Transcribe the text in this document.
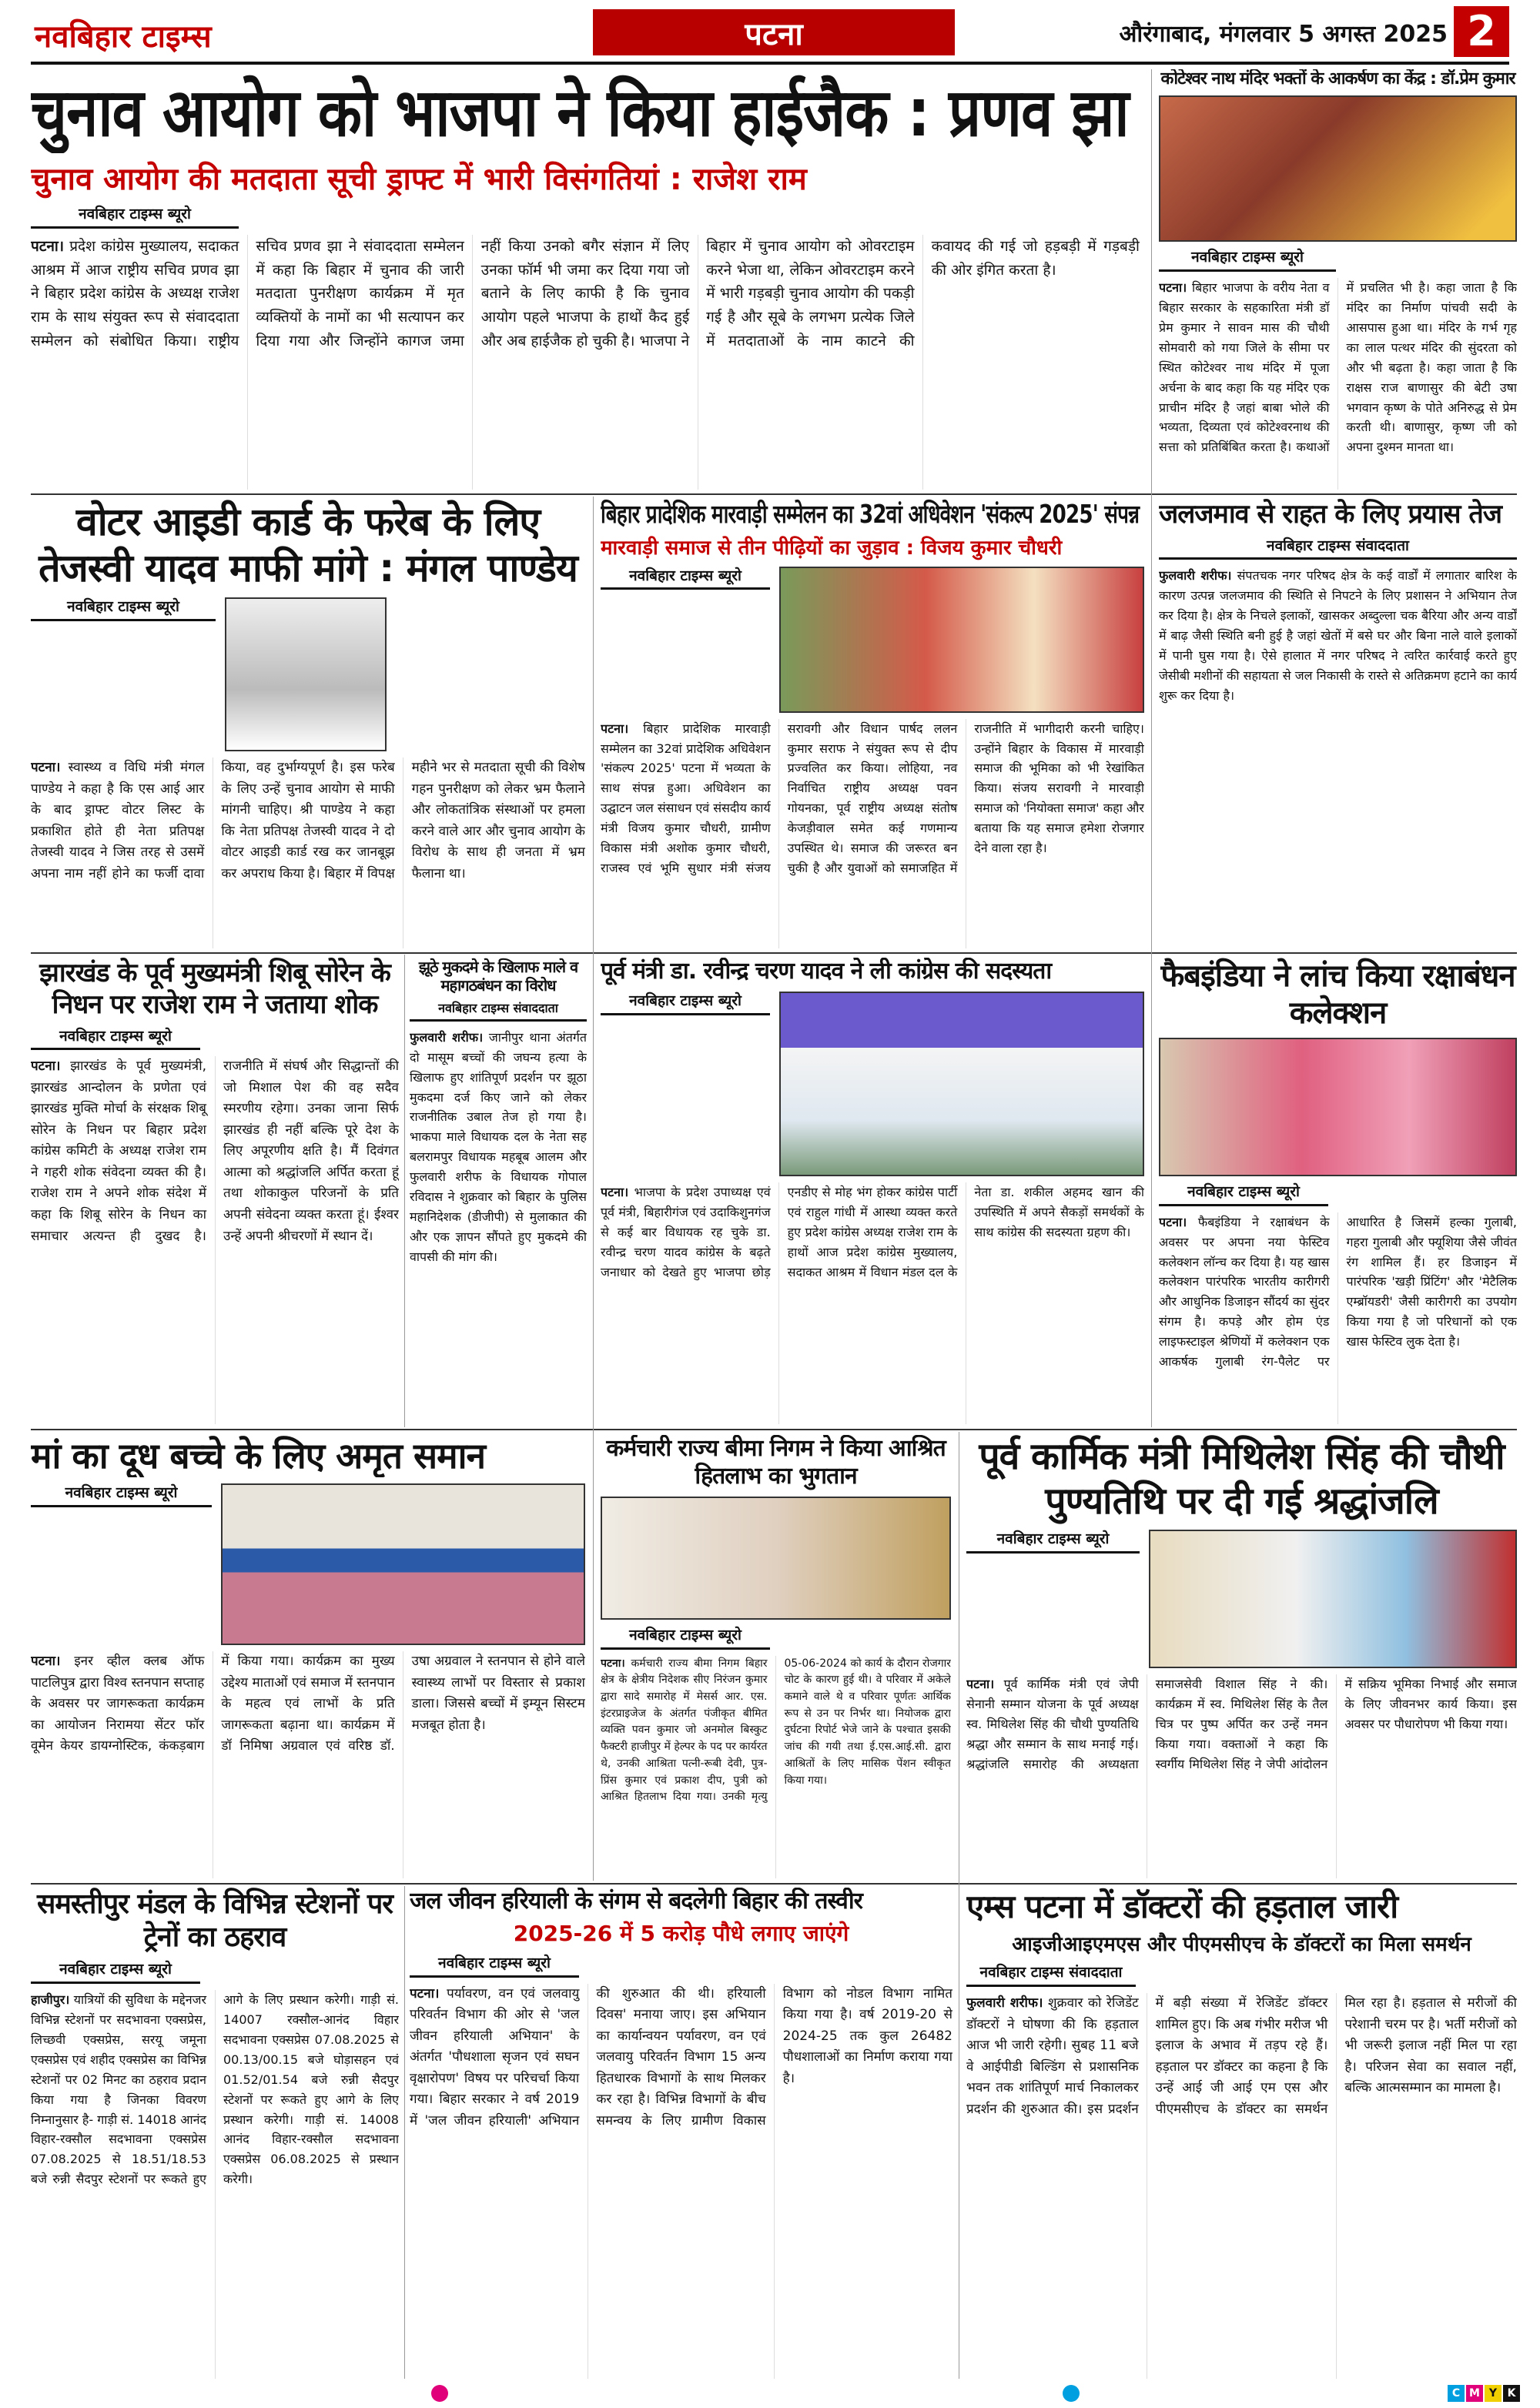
नवबिहार टाइम्स	पटना	औरंगाबाद, मंगलवार 5 अगस्त 2025 2
चुनाव आयोग को भाजपा ने किया हाईजैक : प्रणव झा
चुनाव आयोग की मतदाता सूची ड्राफ्ट में भारी विसंगतियां : राजेश राम
नवबिहार टाइम्स ब्यूरो
पटना। प्रदेश कांग्रेस मुख्यालय, सदाकत आश्रम में आज राष्ट्रीय सचिव प्रणव झा ने बिहार प्रदेश कांग्रेस के अध्यक्ष राजेश राम के साथ संयुक्त रूप से संवाददाता सम्मेलन को संबोधित किया। राष्ट्रीय सचिव प्रणव झा ने संवाददाता सम्मेलन में कहा कि बिहार में चुनाव की जारी मतदाता पुनरीक्षण कार्यक्रम में मृत व्यक्तियों के नामों का भी सत्यापन कर दिया गया और जिन्होंने कागज जमा नहीं किया उनको बगैर संज्ञान में लिए उनका फॉर्म भी जमा कर दिया गया जो बताने के लिए काफी है कि चुनाव आयोग पहले भाजपा के हाथों कैद हुई और अब हाईजैक हो चुकी है। भाजपा ने बिहार में चुनाव आयोग को ओवरटाइम करने भेजा था, लेकिन ओवरटाइम करने में भारी गड़बड़ी चुनाव आयोग की पकड़ी गई है और सूबे के लगभग प्रत्येक जिले में मतदाताओं के नाम काटने की कवायद की गई जो हड़बड़ी में गड़बड़ी की ओर इंगित करता है।
कोटेश्वर नाथ मंदिर भक्तों के आकर्षण का केंद्र : डॉ.प्रेम कुमार
नवबिहार टाइम्स ब्यूरो
पटना। बिहार भाजपा के वरीय नेता व बिहार सरकार के सहकारिता मंत्री डॉ प्रेम कुमार ने सावन मास की चौथी सोमवारी को गया जिले के सीमा पर स्थित कोटेश्वर नाथ मंदिर में पूजा अर्चना के बाद कहा कि यह मंदिर एक प्राचीन मंदिर है जहां बाबा भोले की भव्यता, दिव्यता एवं कोटेश्वरनाथ की सत्ता को प्रतिबिंबित करता है। कथाओं में प्रचलित भी है। कहा जाता है कि मंदिर का निर्माण पांचवी सदी के आसपास हुआ था। मंदिर के गर्भ गृह का लाल पत्थर मंदिर की सुंदरता को और भी बढ़ता है। कहा जाता है कि राक्षस राज बाणासुर की बेटी उषा भगवान कृष्ण के पोते अनिरुद्ध से प्रेम करती थी। बाणासुर, कृष्ण जी को अपना दुश्मन मानता था।
वोटर आइडी कार्ड के फरेब के लिए तेजस्वी यादव माफी मांगे : मंगल पाण्डेय
नवबिहार टाइम्स ब्यूरो
पटना। स्वास्थ्य व विधि मंत्री मंगल पाण्डेय ने कहा है कि एस आई आर के बाद ड्राफ्ट वोटर लिस्ट के प्रकाशित होते ही नेता प्रतिपक्ष तेजस्वी यादव ने जिस तरह से उसमें अपना नाम नहीं होने का फर्जी दावा किया, वह दुर्भाग्यपूर्ण है। इस फरेब के लिए उन्हें चुनाव आयोग से माफी मांगनी चाहिए। श्री पाण्डेय ने कहा कि नेता प्रतिपक्ष तेजस्वी यादव ने दो वोटर आइडी कार्ड रख कर जानबूझ कर अपराध किया है। बिहार में विपक्ष महीने भर से मतदाता सूची की विशेष गहन पुनरीक्षण को लेकर भ्रम फैलाने और लोकतांत्रिक संस्थाओं पर हमला करने वाले आर और चुनाव आयोग के विरोध के साथ ही जनता में भ्रम फैलाना था।
बिहार प्रादेशिक मारवाड़ी सम्मेलन का 32वां अधिवेशन 'संकल्प 2025' संपन्न
मारवाड़ी समाज से तीन पीढ़ियों का जुड़ाव : विजय कुमार चौधरी
नवबिहार टाइम्स ब्यूरो
पटना। बिहार प्रादेशिक मारवाड़ी सम्मेलन का 32वां प्रादेशिक अधिवेशन 'संकल्प 2025' पटना में भव्यता के साथ संपन्न हुआ। अधिवेशन का उद्घाटन जल संसाधन एवं संसदीय कार्य मंत्री विजय कुमार चौधरी, ग्रामीण विकास मंत्री अशोक कुमार चौधरी, राजस्व एवं भूमि सुधार मंत्री संजय सरावगी और विधान पार्षद ललन कुमार सराफ ने संयुक्त रूप से दीप प्रज्वलित कर किया। लोहिया, नव निर्वाचित राष्ट्रीय अध्यक्ष पवन गोयनका, पूर्व राष्ट्रीय अध्यक्ष संतोष केजड़ीवाल समेत कई गणमान्य उपस्थित थे। समाज की जरूरत बन चुकी है और युवाओं को समाजहित में राजनीति में भागीदारी करनी चाहिए। उन्होंने बिहार के विकास में मारवाड़ी समाज की भूमिका को भी रेखांकित किया। संजय सरावगी ने मारवाड़ी समाज को 'नियोक्ता समाज' कहा और बताया कि यह समाज हमेशा रोजगार देने वाला रहा है।
जलजमाव से राहत के लिए प्रयास तेज
नवबिहार टाइम्स संवाददाता
फुलवारी शरीफ। संपतचक नगर परिषद क्षेत्र के कई वार्डों में लगातार बारिश के कारण उत्पन्न जलजमाव की स्थिति से निपटने के लिए प्रशासन ने अभियान तेज कर दिया है। क्षेत्र के निचले इलाकों, खासकर अब्दुल्ला चक बैरिया और अन्य वार्डों में बाढ़ जैसी स्थिति बनी हुई है जहां खेतों में बसे घर और बिना नाले वाले इलाकों में पानी घुस गया है। ऐसे हालात में नगर परिषद ने त्वरित कार्रवाई करते हुए जेसीबी मशीनों की सहायता से जल निकासी के रास्ते से अतिक्रमण हटाने का कार्य शुरू कर दिया है।
झारखंड के पूर्व मुख्यमंत्री शिबू सोरेन के निधन पर राजेश राम ने जताया शोक
नवबिहार टाइम्स ब्यूरो
पटना। झारखंड के पूर्व मुख्यमंत्री, झारखंड आन्दोलन के प्रणेता एवं झारखंड मुक्ति मोर्चा के संरक्षक शिबू सोरेन के निधन पर बिहार प्रदेश कांग्रेस कमिटी के अध्यक्ष राजेश राम ने गहरी शोक संवेदना व्यक्त की है। राजेश राम ने अपने शोक संदेश में कहा कि शिबू सोरेन के निधन का समाचार अत्यन्त ही दुखद है। राजनीति में संघर्ष और सिद्धान्तों की जो मिशाल पेश की वह सदैव स्मरणीय रहेगा। उनका जाना सिर्फ झारखंड ही नहीं बल्कि पूरे देश के लिए अपूरणीय क्षति है। मैं दिवंगत आत्मा को श्रद्धांजलि अर्पित करता हूं तथा शोकाकुल परिजनों के प्रति अपनी संवेदना व्यक्त करता हूं। ईश्वर उन्हें अपनी श्रीचरणों में स्थान दें।
झूठे मुकदमे के खिलाफ माले व महागठबंधन का विरोध
नवबिहार टाइम्स संवाददाता
फुलवारी शरीफ। जानीपुर थाना अंतर्गत दो मासूम बच्चों की जघन्य हत्या के खिलाफ हुए शांतिपूर्ण प्रदर्शन पर झूठा मुकदमा दर्ज किए जाने को लेकर राजनीतिक उबाल तेज हो गया है। भाकपा माले विधायक दल के नेता सह बलरामपुर विधायक महबूब आलम और फुलवारी शरीफ के विधायक गोपाल रविदास ने शुक्रवार को बिहार के पुलिस महानिदेशक (डीजीपी) से मुलाकात की और एक ज्ञापन सौंपते हुए मुकदमे की वापसी की मांग की।
पूर्व मंत्री डा. रवीन्द्र चरण यादव ने ली कांग्रेस की सदस्यता
नवबिहार टाइम्स ब्यूरो
पटना। भाजपा के प्रदेश उपाध्यक्ष एवं पूर्व मंत्री, बिहारीगंज एवं उदाकिशुनगंज से कई बार विधायक रह चुके डा. रवीन्द्र चरण यादव कांग्रेस के बढ़ते जनाधार को देखते हुए भाजपा छोड़ एनडीए से मोह भंग होकर कांग्रेस पार्टी एवं राहुल गांधी में आस्था व्यक्त करते हुए प्रदेश कांग्रेस अध्यक्ष राजेश राम के हाथों आज प्रदेश कांग्रेस मुख्यालय, सदाकत आश्रम में विधान मंडल दल के नेता डा. शकील अहमद खान की उपस्थिति में अपने सैकड़ों समर्थकों के साथ कांग्रेस की सदस्यता ग्रहण की।
फैबइंडिया ने लांच किया रक्षाबंधन कलेक्शन
नवबिहार टाइम्स ब्यूरो
पटना। फैबइंडिया ने रक्षाबंधन के अवसर पर अपना नया फेस्टिव कलेक्शन लॉन्च कर दिया है। यह खास कलेक्शन पारंपरिक भारतीय कारीगरी और आधुनिक डिजाइन सौंदर्य का सुंदर संगम है। कपड़े और होम एंड लाइफस्टाइल श्रेणियों में कलेक्शन एक आकर्षक गुलाबी रंग-पैलेट पर आधारित है जिसमें हल्का गुलाबी, गहरा गुलाबी और फ्यूशिया जैसे जीवंत रंग शामिल हैं। हर डिजाइन में पारंपरिक 'खड़ी प्रिंटिंग' और 'मेटैलिक एम्ब्रॉयडरी' जैसी कारीगरी का उपयोग किया गया है जो परिधानों को एक खास फेस्टिव लुक देता है।
मां का दूध बच्चे के लिए अमृत समान
नवबिहार टाइम्स ब्यूरो
पटना। इनर व्हील क्लब ऑफ पाटलिपुत्र द्वारा विश्व स्तनपान सप्ताह के अवसर पर जागरूकता कार्यक्रम का आयोजन निरामया सेंटर फॉर वूमेन केयर डायग्नोस्टिक, कंकड़बाग में किया गया। कार्यक्रम का मुख्य उद्देश्य माताओं एवं समाज में स्तनपान के महत्व एवं लाभों के प्रति जागरूकता बढ़ाना था। कार्यक्रम में डॉ निमिषा अग्रवाल एवं वरिष्ठ डॉ. उषा अग्रवाल ने स्तनपान से होने वाले स्वास्थ्य लाभों पर विस्तार से प्रकाश डाला। जिससे बच्चों में इम्यून सिस्टम मजबूत होता है।
कर्मचारी राज्य बीमा निगम ने किया आश्रित हितलाभ का भुगतान
नवबिहार टाइम्स ब्यूरो
पटना। कर्मचारी राज्य बीमा निगम बिहार क्षेत्र के क्षेत्रीय निदेशक सीए निरंजन कुमार द्वारा सादे समारोह में मेसर्स आर. एस. इंटरप्राइजेज के अंतर्गत पंजीकृत बीमित व्यक्ति पवन कुमार जो अनमोल बिस्कुट फैक्टरी हाजीपुर में हेल्पर के पद पर कार्यरत थे, उनकी आश्रिता पत्नी-रूबी देवी, पुत्र-प्रिंस कुमार एवं प्रकाश दीप, पुत्री को आश्रित हितलाभ दिया गया। उनकी मृत्यु 05-06-2024 को कार्य के दौरान रोजगार चोट के कारण हुई थी। वे परिवार में अकेले कमाने वाले थे व परिवार पूर्णतः आर्थिक रूप से उन पर निर्भर था। नियोजक द्वारा दुर्घटना रिपोर्ट भेजे जाने के पश्चात इसकी जांच की गयी तथा ई.एस.आई.सी. द्वारा आश्रितों के लिए मासिक पेंशन स्वीकृत किया गया।
पूर्व कार्मिक मंत्री मिथिलेश सिंह की चौथी पुण्यतिथि पर दी गई श्रद्धांजलि
नवबिहार टाइम्स ब्यूरो
पटना। पूर्व कार्मिक मंत्री एवं जेपी सेनानी सम्मान योजना के पूर्व अध्यक्ष स्व. मिथिलेश सिंह की चौथी पुण्यतिथि श्रद्धा और सम्मान के साथ मनाई गई। श्रद्धांजलि समारोह की अध्यक्षता समाजसेवी विशाल सिंह ने की। कार्यक्रम में स्व. मिथिलेश सिंह के तैल चित्र पर पुष्प अर्पित कर उन्हें नमन किया गया। वक्ताओं ने कहा कि स्वर्गीय मिथिलेश सिंह ने जेपी आंदोलन में सक्रिय भूमिका निभाई और समाज के लिए जीवनभर कार्य किया। इस अवसर पर पौधारोपण भी किया गया।
समस्तीपुर मंडल के विभिन्न स्टेशनों पर ट्रेनों का ठहराव
नवबिहार टाइम्स ब्यूरो
हाजीपुर। यात्रियों की सुविधा के मद्देनजर विभिन्न स्टेशनों पर सदभावना एक्सप्रेस, लिच्छवी एक्सप्रेस, सरयू जमूना एक्सप्रेस एवं शहीद एक्सप्रेस का विभिन्न स्टेशनों पर 02 मिनट का ठहराव प्रदान किया गया है जिनका विवरण निम्नानुसार है- गाड़ी सं. 14018 आनंद विहार-रक्सौल सदभावना एक्सप्रेस 07.08.2025 से 18.51/18.53 बजे रुन्नी सैदपुर स्टेशनों पर रूकते हुए आगे के लिए प्रस्थान करेगी। गाड़ी सं. 14007 रक्सौल-आनंद विहार सदभावना एक्सप्रेस 07.08.2025 से 00.13/00.15 बजे घोड़ासहन एवं 01.52/01.54 बजे रुन्नी सैदपुर स्टेशनों पर रूकते हुए आगे के लिए प्रस्थान करेगी। गाड़ी सं. 14008 आनंद विहार-रक्सौल सदभावना एक्सप्रेस 06.08.2025 से प्रस्थान करेगी।
जल जीवन हरियाली के संगम से बदलेगी बिहार की तस्वीर
2025-26 में 5 करोड़ पौधे लगाए जाएंगे
नवबिहार टाइम्स ब्यूरो
पटना। पर्यावरण, वन एवं जलवायु परिवर्तन विभाग की ओर से 'जल जीवन हरियाली अभियान' के अंतर्गत 'पौधशाला सृजन एवं सघन वृक्षारोपण' विषय पर परिचर्चा किया गया। बिहार सरकार ने वर्ष 2019 में 'जल जीवन हरियाली' अभियान की शुरुआत की थी। हरियाली दिवस' मनाया जाए। इस अभियान का कार्यान्वयन पर्यावरण, वन एवं जलवायु परिवर्तन विभाग 15 अन्य हितधारक विभागों के साथ मिलकर कर रहा है। विभिन्न विभागों के बीच समन्वय के लिए ग्रामीण विकास विभाग को नोडल विभाग नामित किया गया है। वर्ष 2019-20 से 2024-25 तक कुल 26482 पौधशालाओं का निर्माण कराया गया है।
एम्स पटना में डॉक्टरों की हड़ताल जारी
आइजीआइएमएस और पीएमसीएच के डॉक्टरों का मिला समर्थन
नवबिहार टाइम्स संवाददाता
फुलवारी शरीफ। शुक्रवार को रेजिडेंट डॉक्टरों ने घोषणा की कि हड़ताल आज भी जारी रहेगी। सुबह 11 बजे वे आईपीडी बिल्डिंग से प्रशासनिक भवन तक शांतिपूर्ण मार्च निकालकर प्रदर्शन की शुरुआत की। इस प्रदर्शन में बड़ी संख्या में रेजिडेंट डॉक्टर शामिल हुए। कि अब गंभीर मरीज भी इलाज के अभाव में तड़प रहे हैं। हड़ताल पर डॉक्टर का कहना है कि उन्हें आई जी आई एम एस और पीएमसीएच के डॉक्टर का समर्थन मिल रहा है। हड़ताल से मरीजों की परेशानी चरम पर है। भर्ती मरीजों को भी जरूरी इलाज नहीं मिल पा रहा है। परिजन सेवा का सवाल नहीं, बल्कि आत्मसम्मान का मामला है।
C M Y K
